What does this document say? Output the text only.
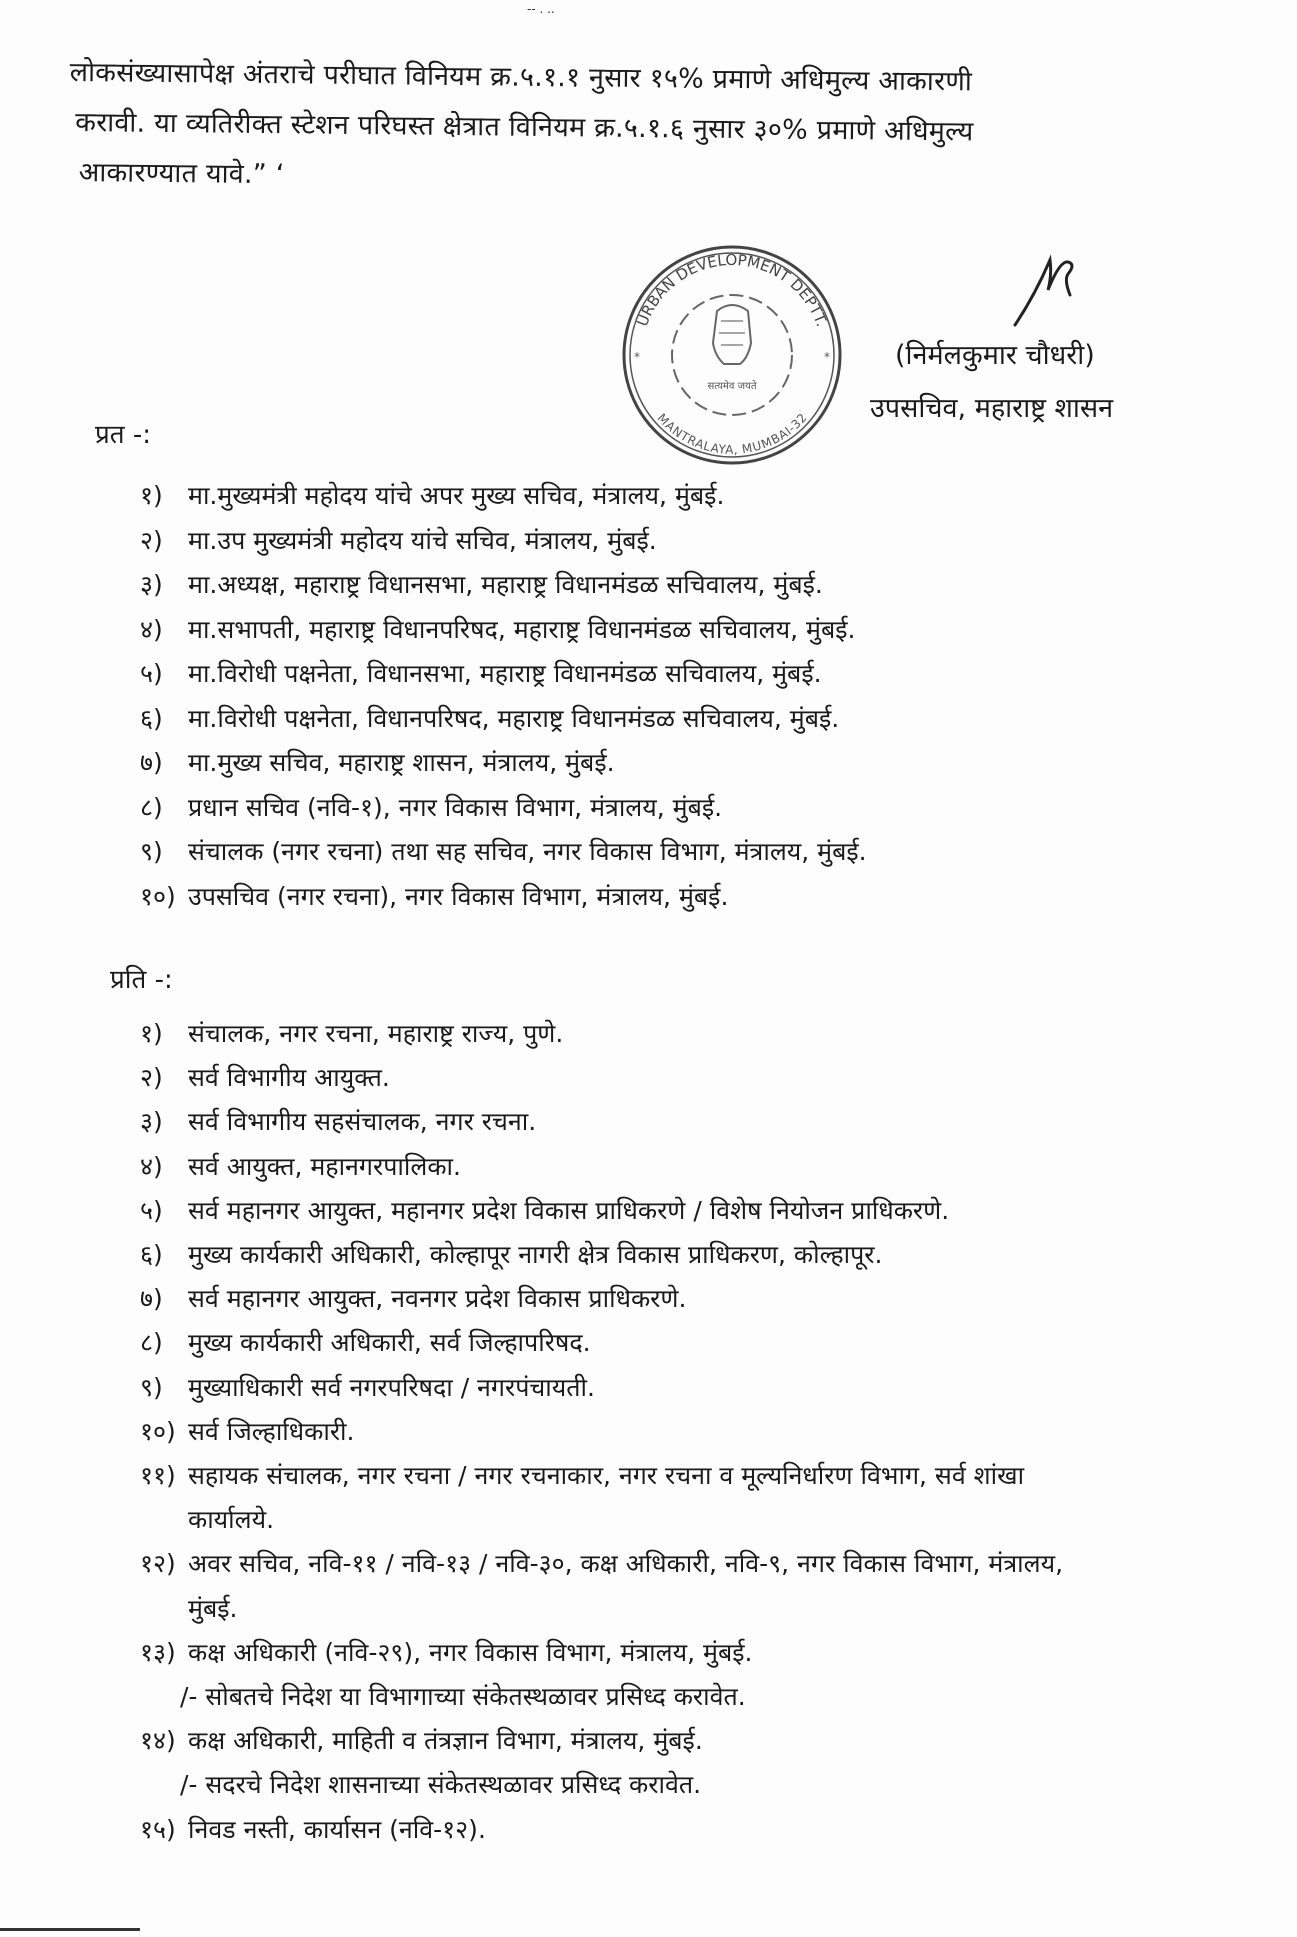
-- . ..

लोकसंख्यासापेक्ष अंतराचे परीघात विनियम क्र.५.१.१ नुसार १५% प्रमाणे अधिमुल्य आकारणी

करावी. या व्यतिरीक्त स्टेशन परिघस्त क्षेत्रात विनियम क्र.५.१.६ नुसार ३०% प्रमाणे अधिमुल्य

आकारण्यात यावे.” ‘

URBAN DEVELOPMENT DEPTT.
MANTRALAYA, MUMBAI-32
सत्यमेव जयते
*	* (निर्मलकुमार चौधरी)
उपसचिव, महाराष्ट्र शासन
प्रत -:
१) मा.मुख्यमंत्री महोदय यांचे अपर मुख्य सचिव, मंत्रालय, मुंबई.
२) मा.उप मुख्यमंत्री महोदय यांचे सचिव, मंत्रालय, मुंबई.
३) मा.अध्यक्ष, महाराष्ट्र विधानसभा, महाराष्ट्र विधानमंडळ सचिवालय, मुंबई.
४) मा.सभापती, महाराष्ट्र विधानपरिषद, महाराष्ट्र विधानमंडळ सचिवालय, मुंबई.
५) मा.विरोधी पक्षनेता, विधानसभा, महाराष्ट्र विधानमंडळ सचिवालय, मुंबई.
६) मा.विरोधी पक्षनेता, विधानपरिषद, महाराष्ट्र विधानमंडळ सचिवालय, मुंबई.
७) मा.मुख्य सचिव, महाराष्ट्र शासन, मंत्रालय, मुंबई.
८) प्रधान सचिव (नवि-१), नगर विकास विभाग, मंत्रालय, मुंबई.
९) संचालक (नगर रचना) तथा सह सचिव, नगर विकास विभाग, मंत्रालय, मुंबई.
१०) उपसचिव (नगर रचना), नगर विकास विभाग, मंत्रालय, मुंबई.
प्रति -:
१) संचालक, नगर रचना, महाराष्ट्र राज्य, पुणे.
२) सर्व विभागीय आयुक्त.
३) सर्व विभागीय सहसंचालक, नगर रचना.
४) सर्व आयुक्त, महानगरपालिका.
५) सर्व महानगर आयुक्त, महानगर प्रदेश विकास प्राधिकरणे / विशेष नियोजन प्राधिकरणे.
६) मुख्य कार्यकारी अधिकारी, कोल्हापूर नागरी क्षेत्र विकास प्राधिकरण, कोल्हापूर.
७) सर्व महानगर आयुक्त, नवनगर प्रदेश विकास प्राधिकरणे.
८) मुख्य कार्यकारी अधिकारी, सर्व जिल्हापरिषद.
९) मुख्याधिकारी सर्व नगरपरिषदा / नगरपंचायती.
१०) सर्व जिल्हाधिकारी.
११) सहायक संचालक, नगर रचना / नगर रचनाकार, नगर रचना व मूल्यनिर्धारण विभाग, सर्व शांखा
कार्यालये.
१२) अवर सचिव, नवि-११ / नवि-१३ / नवि-३०, कक्ष अधिकारी, नवि-९, नगर विकास विभाग, मंत्रालय,
मुंबई.
१३) कक्ष अधिकारी (नवि-२९), नगर विकास विभाग, मंत्रालय, मुंबई.
/- सोबतचे निदेश या विभागाच्या संकेतस्थळावर प्रसिध्द करावेत.
१४) कक्ष अधिकारी, माहिती व तंत्रज्ञान विभाग, मंत्रालय, मुंबई.
/- सदरचे निदेश शासनाच्या संकेतस्थळावर प्रसिध्द करावेत.
१५) निवड नस्ती, कार्यासन (नवि-१२).
